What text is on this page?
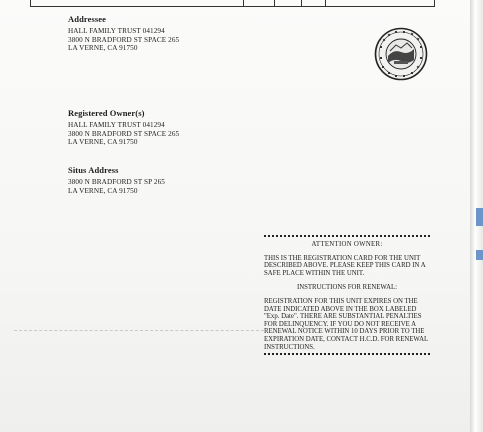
Addressee
HALL FAMILY TRUST 041294
3800 N BRADFORD ST SPACE 265
LA VERNE, CA 91750
Registered Owner(s)
HALL FAMILY TRUST 041294
3800 N BRADFORD ST SPACE 265
LA VERNE, CA 91750
Situs Address
3800 N BRADFORD ST SP 265
LA VERNE, CA 91750
ATTENTION OWNER:
THIS IS THE REGISTRATION CARD FOR THE UNIT DESCRIBED ABOVE. PLEASE KEEP THIS CARD IN A SAFE PLACE WITHIN THE UNIT.
INSTRUCTIONS FOR RENEWAL:
REGISTRATION FOR THIS UNIT EXPIRES ON THE DATE INDICATED ABOVE IN THE BOX LABELED "Exp. Date". THERE ARE SUBSTANTIAL PENALTIES FOR DELINQUENCY. IF YOU DO NOT RECEIVE A RENEWAL NOTICE WITHIN 10 DAYS PRIOR TO THE EXPIRATION DATE, CONTACT H.C.D. FOR RENEWAL INSTRUCTIONS.
